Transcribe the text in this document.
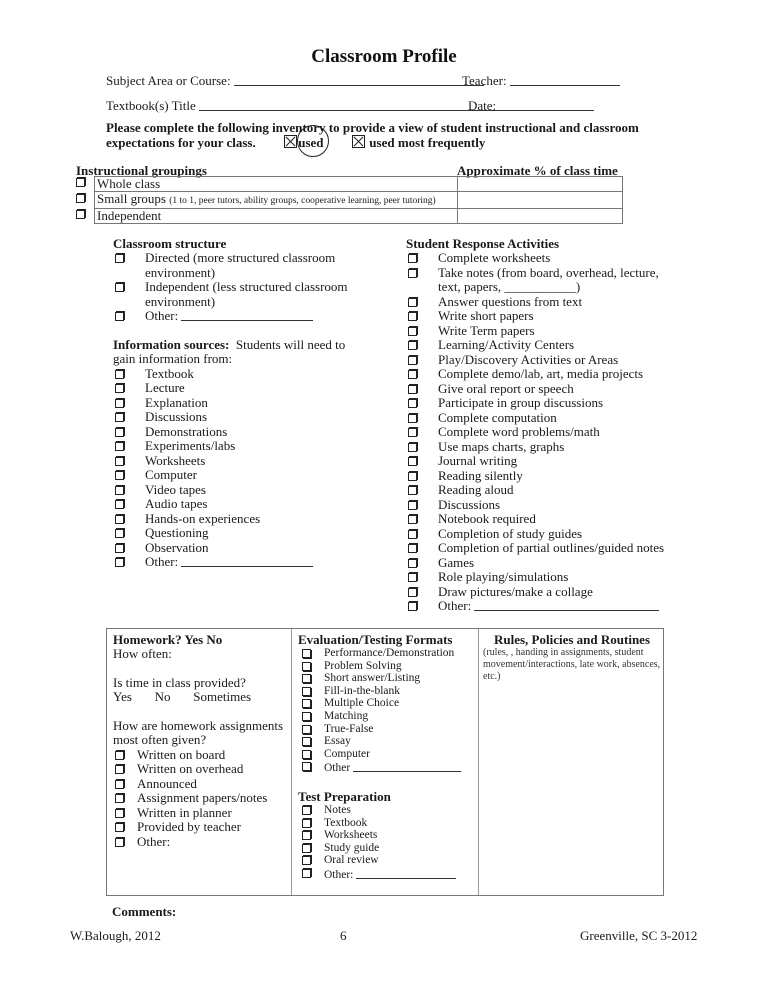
Classroom Profile
Subject Area or Course:	Teacher:
Textbook(s) Title	Date:
Please complete the following inventory to provide a view of student instructional and classroom
expectations for your class.	used	used most frequently
Instructional groupings	Approximate % of class time
	Whole class	
	Small groups (1 to 1, peer tutors, ability groups, cooperative learning, peer tutoring)	
	Independent	
Classroom structure
Directed (more structured classroom environment)
Independent (less structured classroom environment)
Other:
Information sources: Students will need to gain information from:
Textbook
Lecture
Explanation
Discussions
Demonstrations
Experiments/labs
Worksheets
Computer
Video tapes
Audio tapes
Hands-on experiences
Questioning
Observation
Other:
Student Response Activities
Complete worksheets
Take notes (from board, overhead, lecture, text, papers, ___________)
Answer questions from text
Write short papers
Write Term papers
Learning/Activity Centers
Play/Discovery Activities or Areas
Complete demo/lab, art, media projects
Give oral report or speech
Participate in group discussions
Complete computation
Complete word problems/math
Use maps charts, graphs
Journal writing
Reading silently
Reading aloud
Discussions
Notebook required
Completion of study guides
Completion of partial outlines/guided notes
Games
Role playing/simulations
Draw pictures/make a collage
Other:
Homework? Yes No
How often:
Is time in class provided?
Yes       No       Sometimes
How are homework assignments most often given?
Written on board
Written on overhead
Announced
Assignment papers/notes
Written in planner
Provided by teacher
Other:
Evaluation/Testing Formats
Performance/Demonstration
Problem Solving
Short answer/Listing
Fill-in-the-blank
Multiple Choice
Matching
True-False
Essay
Computer
Other
Test Preparation
Notes
Textbook
Worksheets
Study guide
Oral review
Other:
Rules, Policies and Routines
(rules, , handing in assignments, student movement/interactions, late work, absences, etc.)
Comments:
W.Balough, 2012	6	Greenville, SC 3-2012
